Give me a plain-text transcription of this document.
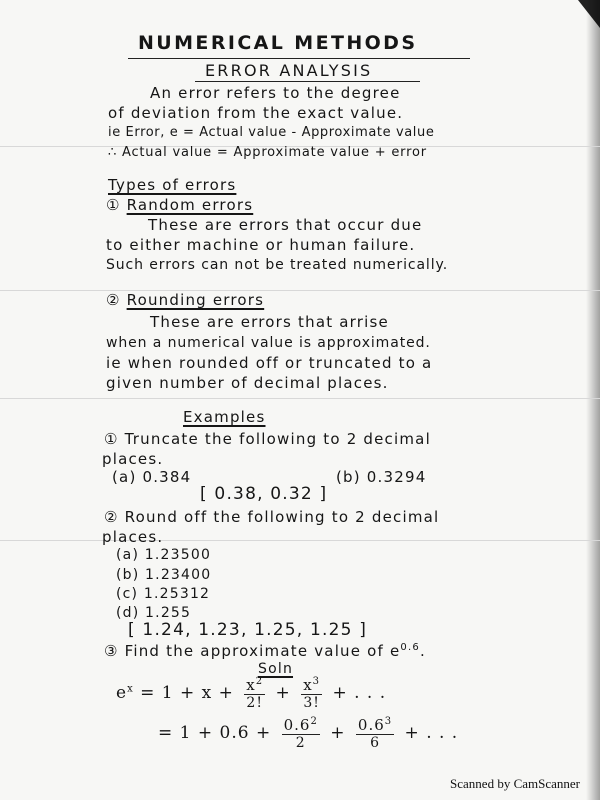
NUMERICAL METHODS
ERROR ANALYSIS
An error refers to the degree
of deviation from the exact value.
ie Error, e = Actual value - Approximate value
∴ Actual value = Approximate value + error
Types of errors
① Random errors
These are errors that occur due
to either machine or human failure.
Such errors can not be treated numerically.
② Rounding errors
These are errors that arrise
when a numerical value is approximated.
ie when rounded off or truncated to a
given number of decimal places.
Examples
① Truncate the following to 2 decimal
places.
(a) 0.384	(b) 0.3294
[ 0.38, 0.32 ]
② Round off the following to 2 decimal
places.
(a) 1.23500
(b) 1.23400
(c) 1.25312
(d) 1.255
[ 1.24, 1.23, 1.25, 1.25 ]
③ Find the approximate value of $e^{0.6}$.
Soln
$e^x = 1 + x + \frac{x^2}{2!} + \frac{x^3}{3!}$ + . . .
= $1 + 0.6 + \frac{0.6^2}{2} + \frac{0.6^3}{6}$ + . . .
Scanned by CamScanner
